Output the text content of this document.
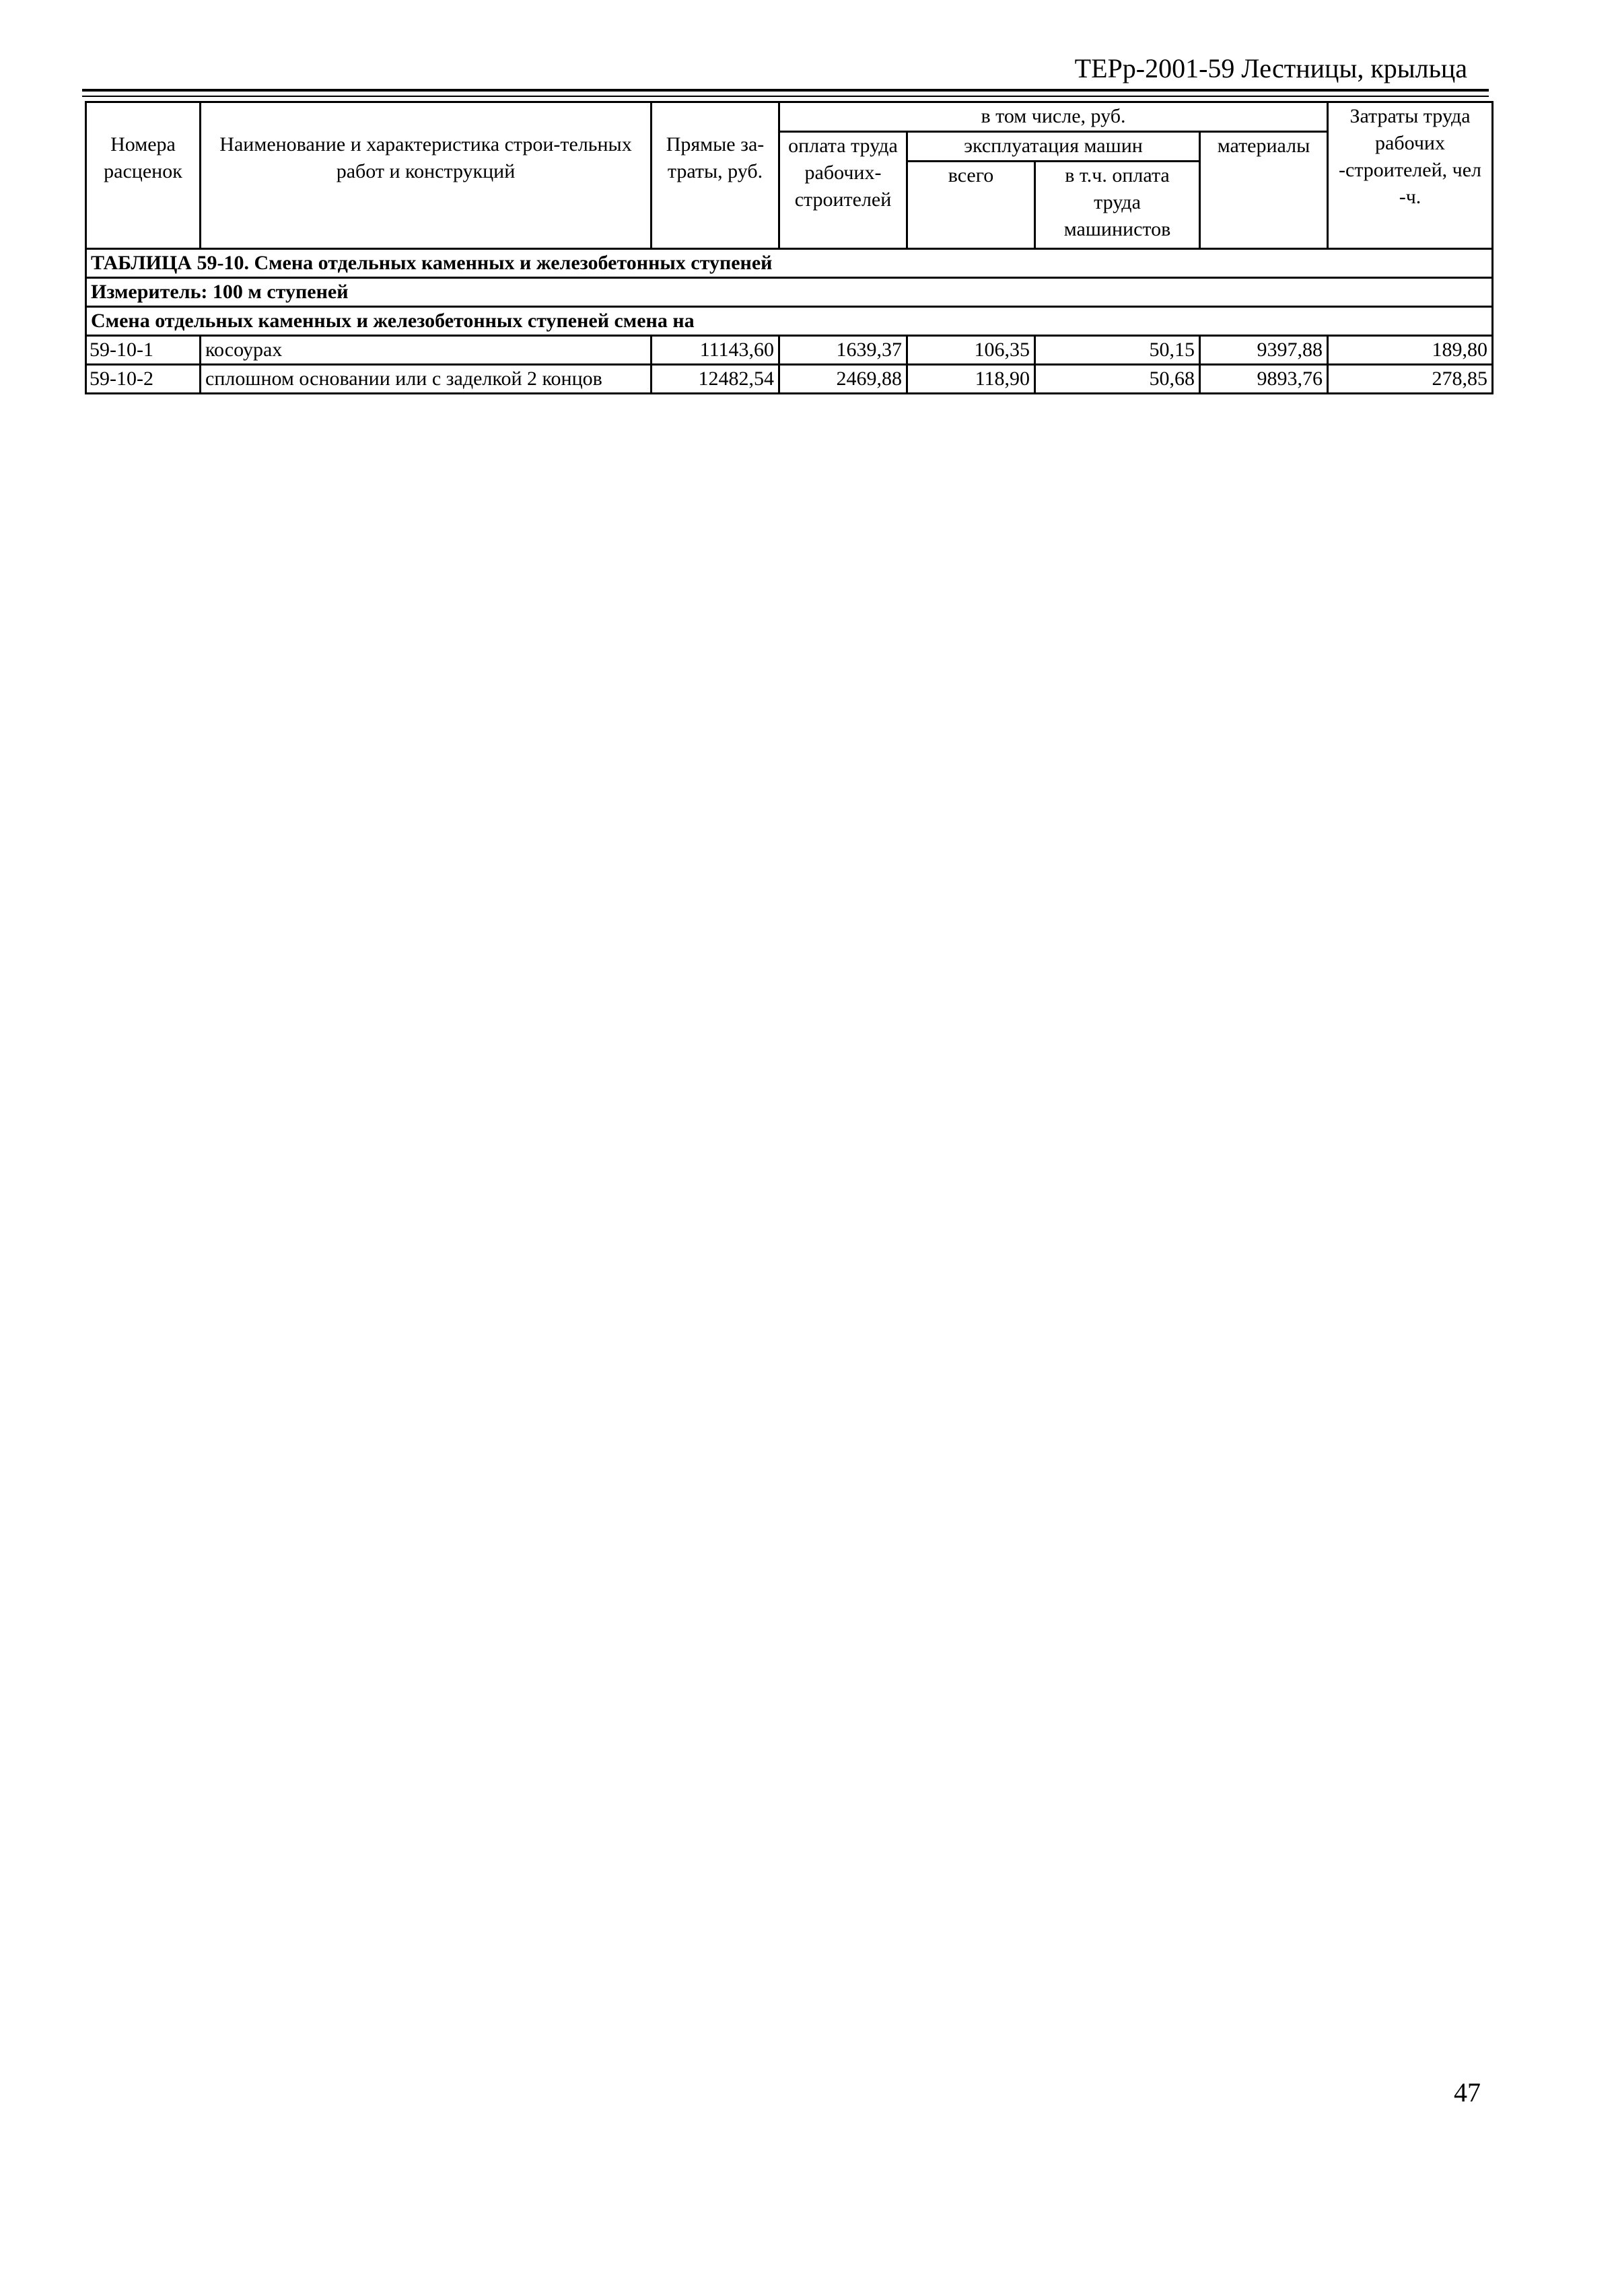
ТЕРр-2001-59 Лестницы, крыльца
Номера расценок	Наименование и характеристика строи-тельных работ и конструкций	Прямые за-траты, руб.	в том числе, руб.				Затраты труда рабочих -строителей, чел -ч.
			оплата труда рабочих-строителей	эксплуатация машин		материалы	
				всего	в т.ч. оплата труда машинистов		

ТАБЛИЦА 59-10. Смена отдельных каменных и железобетонных ступеней							
Измеритель: 100 м ступеней							
Смена отдельных каменных и железобетонных ступеней смена на							
59-10-1	косоурах	11143,60	1639,37	106,35	50,15	9397,88	189,80
59-10-2	сплошном основании или с заделкой 2 концов	12482,54	2469,88	118,90	50,68	9893,76	278,85
47
